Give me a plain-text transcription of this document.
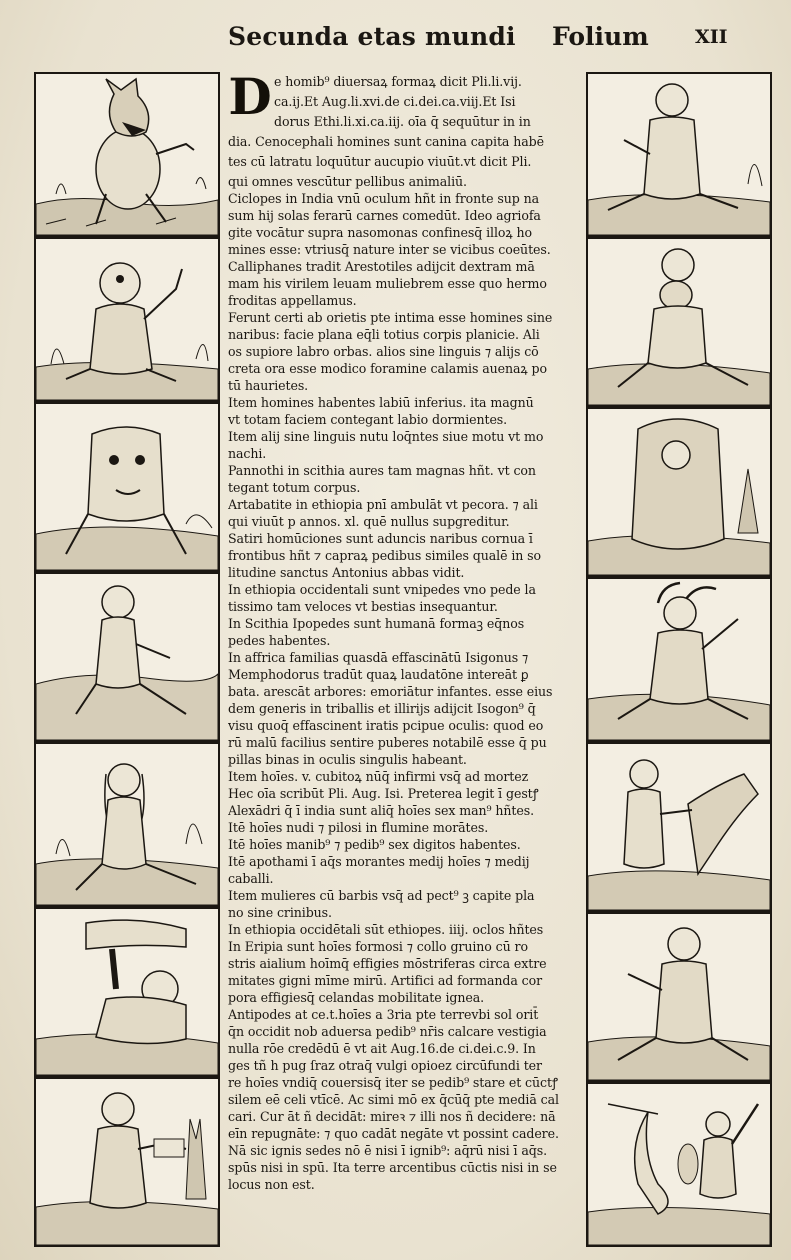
Secunda etas mundi Folium XII
D e homib⁹ diuersaꝝ formaꝝ dicit Pli.li.vij.
ca.ij.Et Aug.li.xvi.de ci.dei.ca.viij.Et Isi
dorus Ethi.li.xi.ca.iij. oīa q̄ sequūtur in in
dia. Cenocephali homines sunt canina capita habē
tes cū latratu loquūtur aucupio viuūt.vt dicit Pli.
qui omnes vescūtur pellibus animaliū.
Ciclopes in India vnū oculum hñt in fronte sup na
sum hij solas ferarū carnes comedūt. Ideo agriofa
gite vocātur supra nasomonas confinesq̄ illoꝝ ho
mines esse: vtriusq̄ nature inter se vicibus coeūtes.
Calliphanes tradit Arestotiles adijcit dextram mā
mam his virilem leuam muliebrem esse quo hermo
froditas appellamus.
Ferunt certi ab orietis pte intima esse homines sine
naribus: facie plana eq̄li totius corpis planicie. Ali
os supiore labro orbas. alios sine linguis ⁊ alijs cō
creta ora esse modico foramine calamis auenaꝝ po
tū haurietes.
Item homines habentes labiū inferius. ita magnū
vt totam faciem contegant labio dormientes.
Item alij sine linguis nutu loq̄ntes siue motu vt mo
nachi.
Pannothi in scithia aures tam magnas hñt. vt con
tegant totum corpus.
Artabatite in ethiopia pnī ambulāt vt pecora. ⁊ ali
qui viuūt p annos. xl. quē nullus supgreditur.
Satiri homūciones sunt aduncis naribus cornua ī
frontibus hñt ⁊ capraꝝ pedibus similes qualē in so
litudine sanctus Antonius abbas vidit.
In ethiopia occidentali sunt vnipedes vno pede la
tissimo tam veloces vt bestias insequantur.
In Scithia Ipopedes sunt humanā formaꝫ eq̄nos
pedes habentes.
In affrica familias quasdā effascinātū Isigonus ⁊
Memphodorus tradūt quaꝝ laudatōne intereāt ꝑ
bata. arescāt arbores: emoriātur infantes. esse eius
dem generis in triballis et illirijs adijcit Isogon⁹ q̄
visu quoq̄ effascinent iratis pcipue oculis: quod eo
rū malū facilius sentire puberes notabilē esse q̄ pu
pillas binas in oculis singulis habeant.
Item hoīes. v. cubitoꝝ nūq̄ infirmi vsq̄ ad mortez
Hec oīa scribūt Pli. Aug. Isi. Preterea legit ī gestꝭ
Alexādri q̄ ī india sunt aliq̄ hoīes sex man⁹ hñtes.
Itē hoīes nudi ⁊ pilosi in flumine morātes.
Itē hoīes manib⁹ ⁊ pedib⁹ sex digitos habentes.
Itē apothami ī aq̄s morantes medij hoīes ⁊ medij
caballi.
Item mulieres cū barbis vsq̄ ad pect⁹ ꝫ capite pla
no sine crinibus.
In ethiopia occidētali sūt ethiopes. iiij. oclos hñtes
In Eripia sunt hoīes formosi ⁊ collo gruino cū ro
stris aialium hoīmq̄ effigies mōstriferas circa extre
mitates gigni mīme mirū. Artifici ad formanda cor
pora effigiesq̄ celandas mobilitate ignea.
Antipodes at ce.t.hoīes a 3ria pte terrevbi sol orit̄
q̄n occidit nob aduersa pedib⁹ nr̄is calcare vestigia
nulla rōe credēdū ē vt ait Aug.16.de ci.dei.c.9. In
ges tñ h pug ſraz otraq̄ vulgi opioez circūfundi ter
re hoīes vndiq̄ couersisq̄ iter se pedib⁹ stare et cūctꝭ
silem eē celi vtīcē. Ac simi mō ex q̄cūq̄ pte mediā cal
cari. Cur āt ñ decidāt: mireꝛ ⁊ illi nos ñ decidere: nā
eīn repugnāte: ⁊ quo cadāt negāte vt possint cadere.
Nā sic ignis sedes nō ē nisi ī ignib⁹: aq̄rū nisi ī aq̄s.
spūs nisi in spū. Ita terre arcentibus cūctis nisi in se
locus non est.
